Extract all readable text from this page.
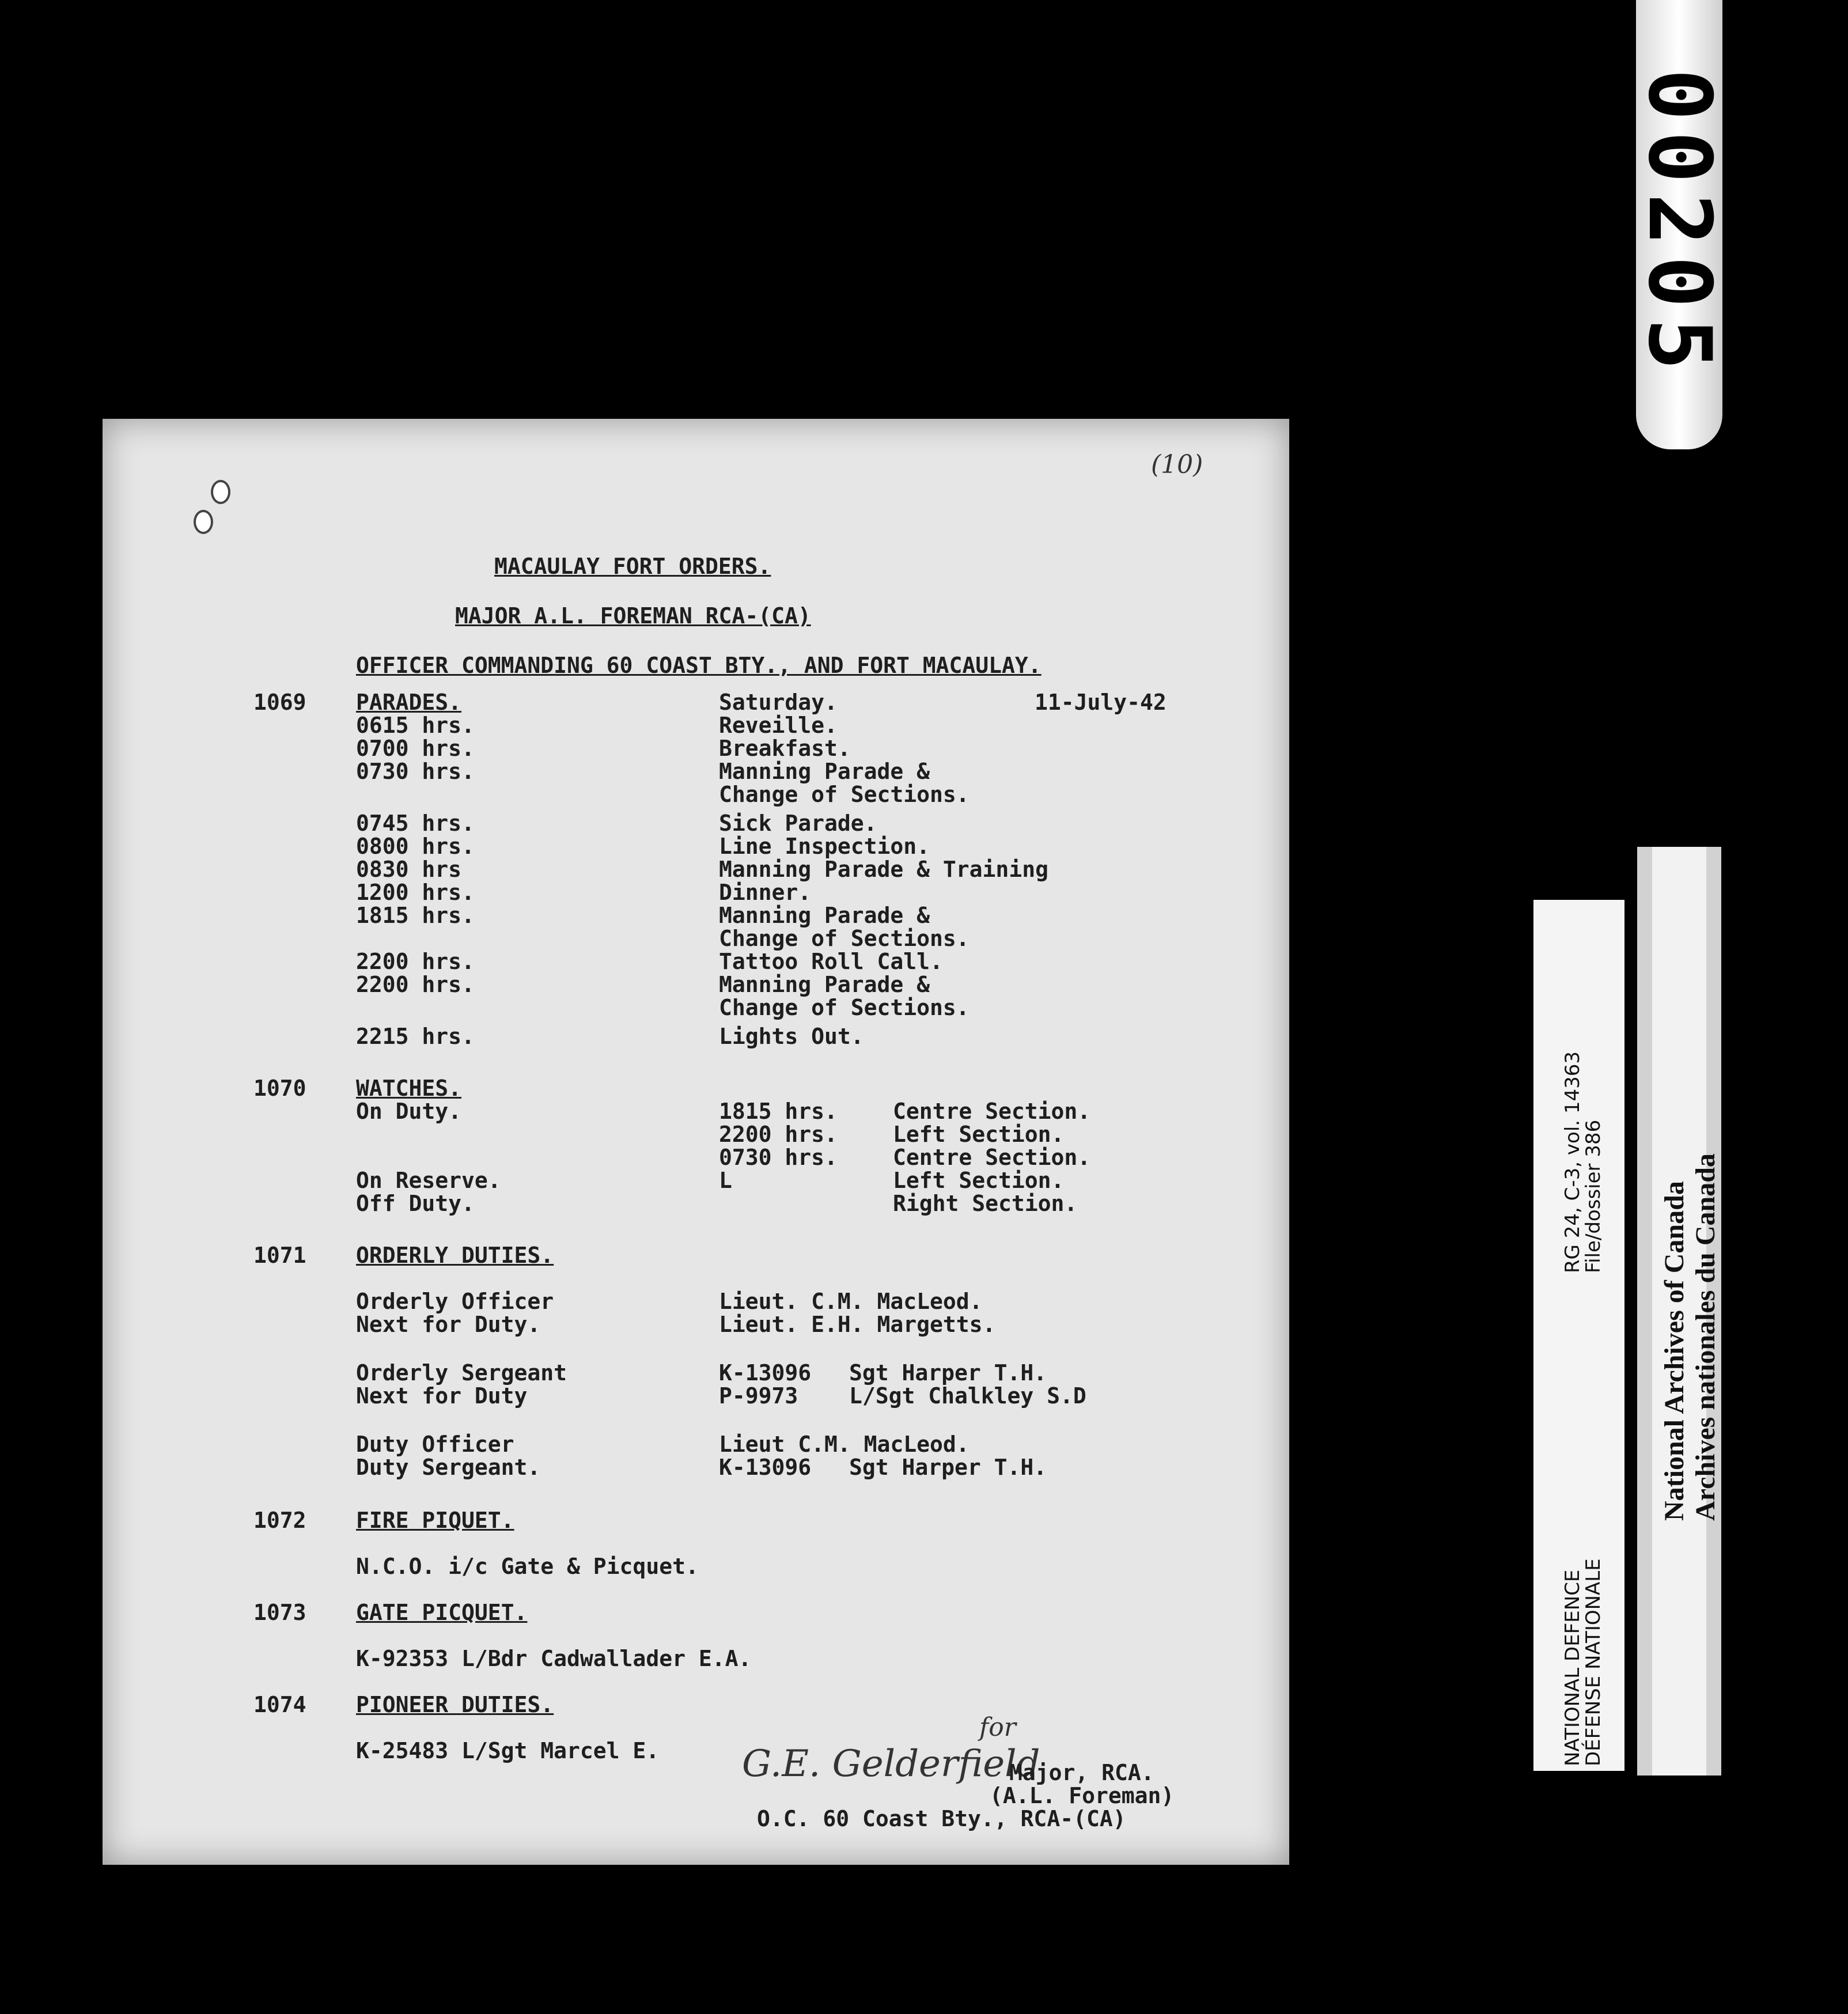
00205
NATIONAL DEFENCE
DÉFENSE NATIONALE
RG 24, C-3, vol. 14363
File/dossier 386 National Archives of Canada Archives nationales du Canada
(10)
MACAULAY FORT ORDERS.
MAJOR A.L. FOREMAN RCA-(CA)
OFFICER COMMANDING 60 COAST BTY., AND FORT MACAULAY.
1069 PARADES.	Saturday.	11-July-42
0615 hrs.	Reveille.
0700 hrs.	Breakfast.
0730 hrs.	Manning Parade &
Change of Sections.
0745 hrs.	Sick Parade.
0800 hrs.	Line Inspection.
0830 hrs	Manning Parade & Training
1200 hrs.	Dinner.
1815 hrs.	Manning Parade &
Change of Sections.
2200 hrs.	Tattoo Roll Call.
2200 hrs.	Manning Parade &
Change of Sections.
2215 hrs.	Lights Out.
1070 WATCHES.
On Duty.	1815 hrs.	Centre Section.
2200 hrs.	Left Section.
0730 hrs.	Centre Section.
On Reserve.	L	Left Section.
Off Duty.	Right Section.
1071 ORDERLY DUTIES.
Orderly Officer	Lieut. C.M. MacLeod.
Next for Duty.	Lieut. E.H. Margetts.
Orderly Sergeant	K-13096 Sgt Harper T.H.
Next for Duty	P-9973 L/Sgt Chalkley S.D
Duty Officer	Lieut C.M. MacLeod.
Duty Sergeant.	K-13096 Sgt Harper T.H.
1072 FIRE PIQUET.
N.C.O. i/c Gate & Picquet.
1073 GATE PICQUET.
K-92353 L/Bdr Cadwallader E.A.
1074 PIONEER DUTIES.
K-25483 L/Sgt Marcel E. G.E. Gelderfield
for
Major, RCA.
(A.L. Foreman)
O.C. 60 Coast Bty., RCA-(CA)
